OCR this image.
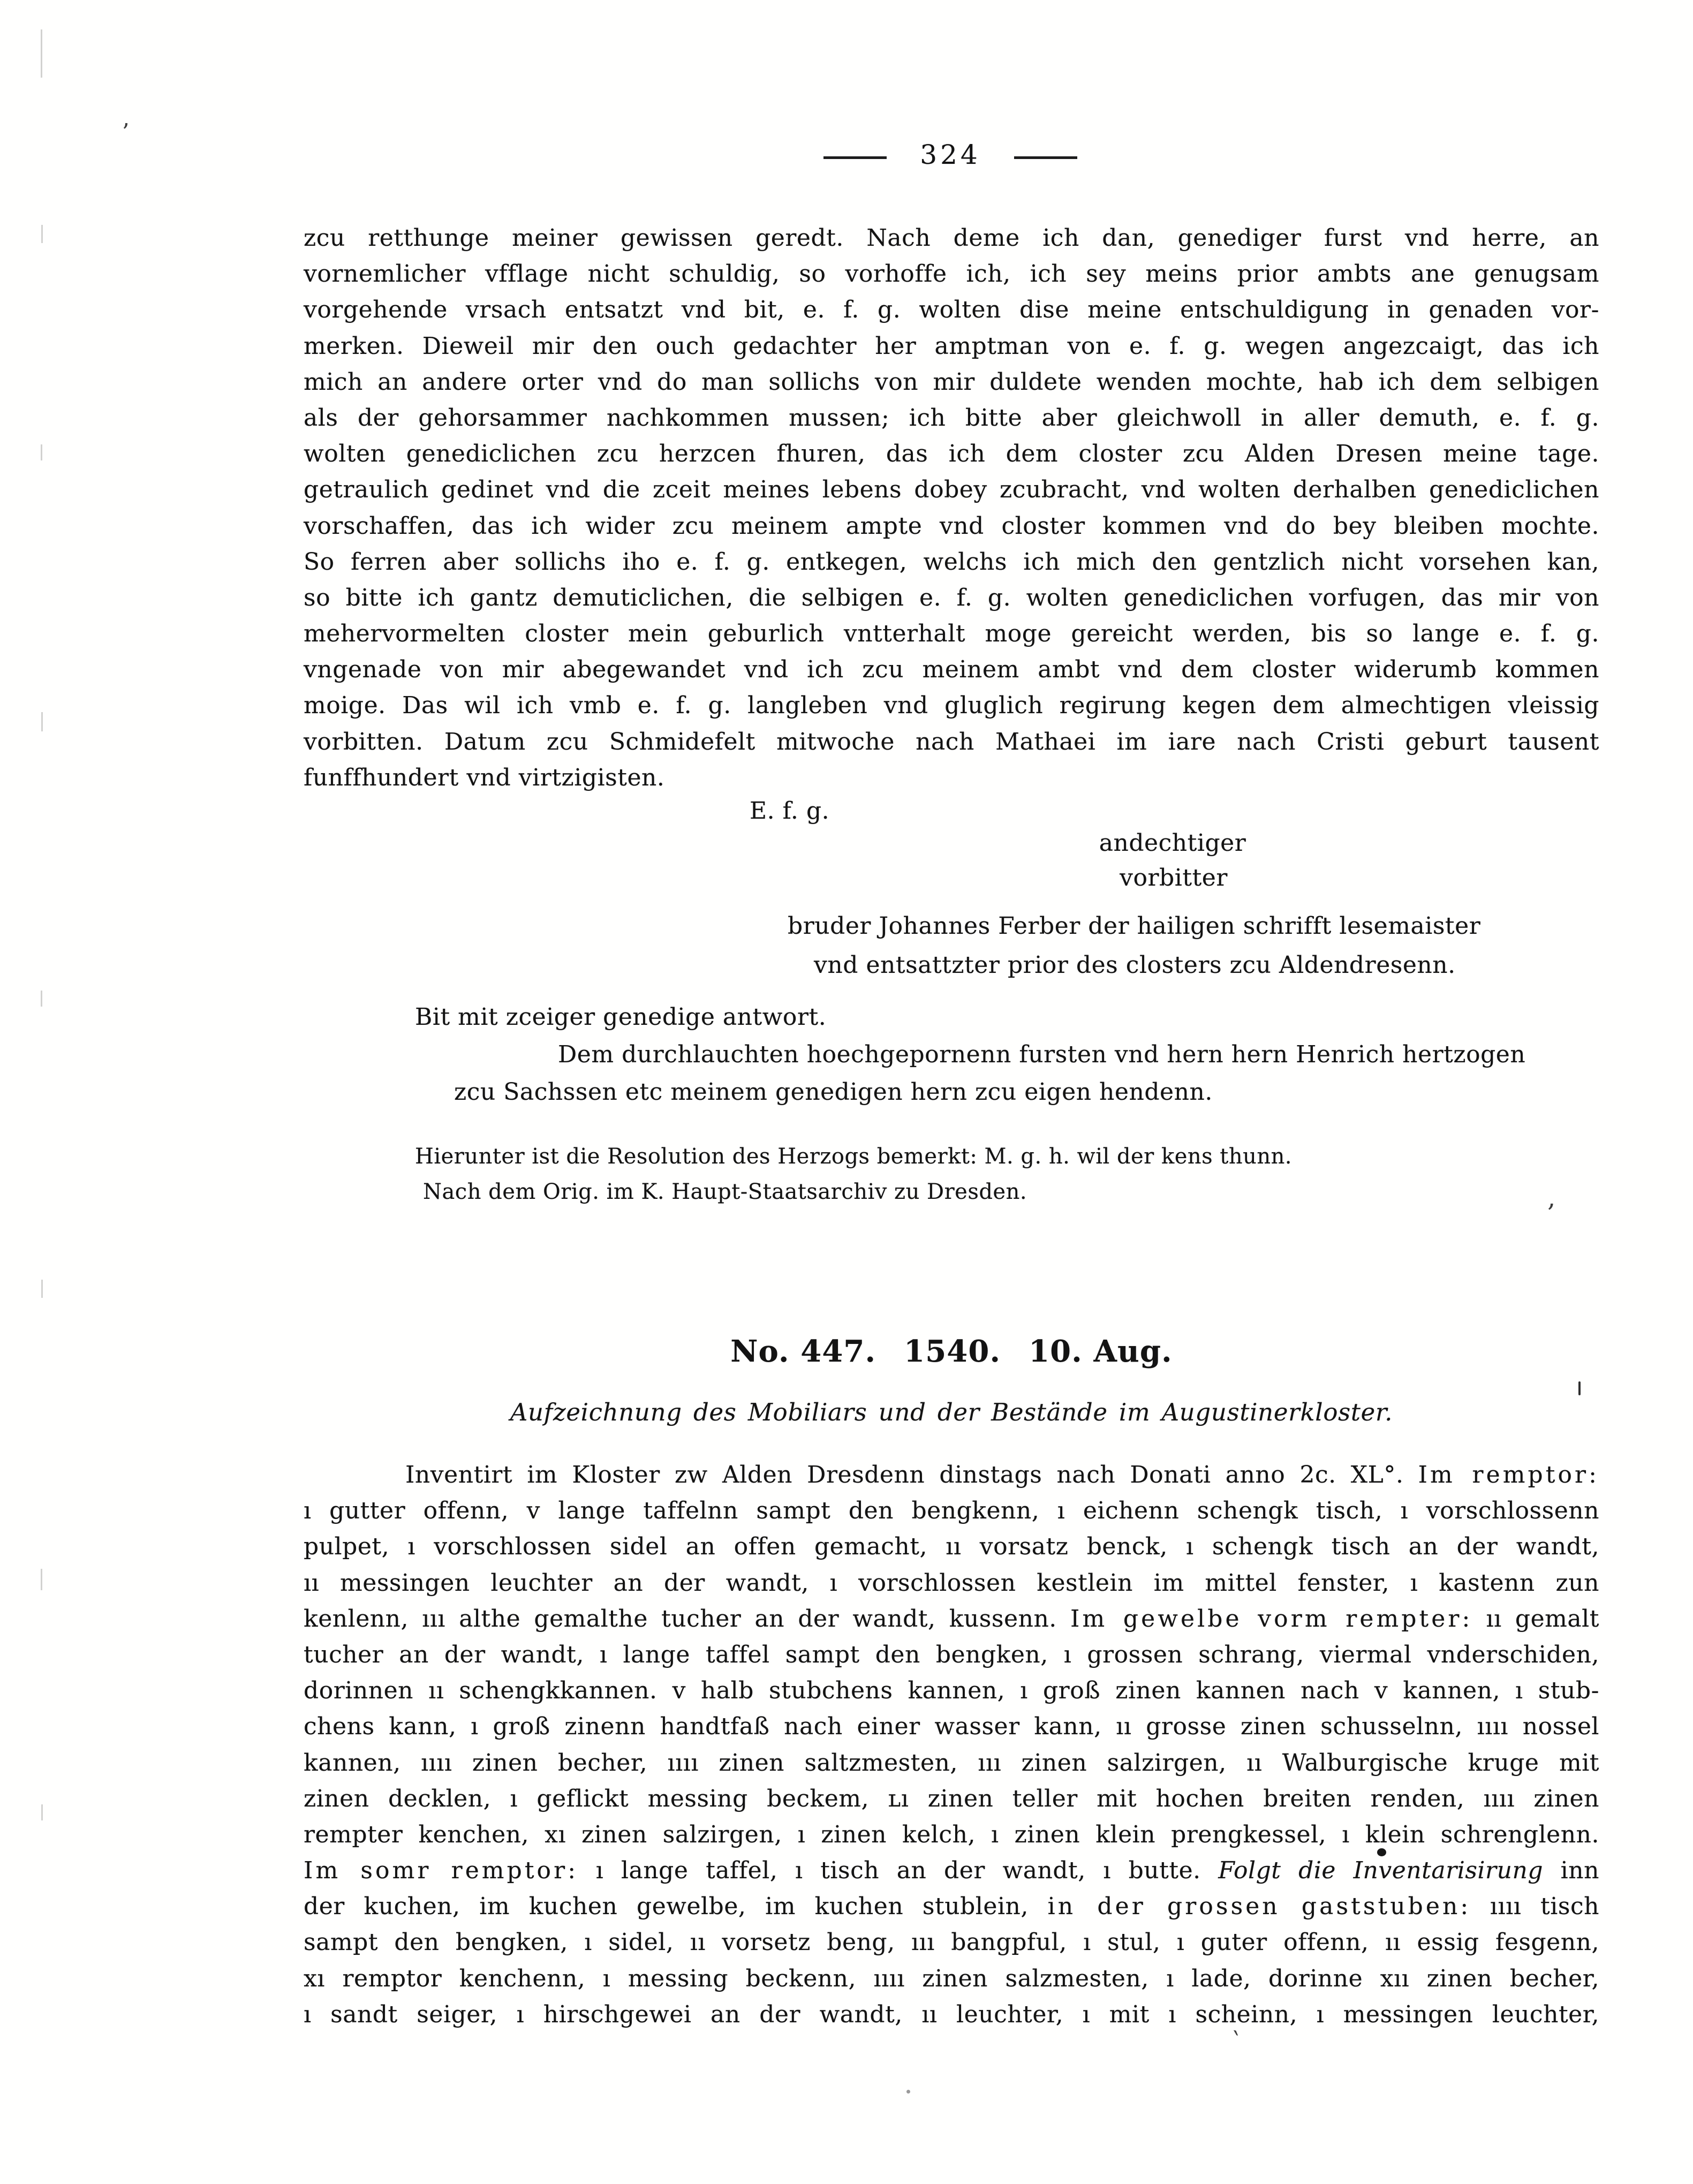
324
zcu retthunge meiner gewissen geredt. Nach deme ich dan, genediger furst vnd herre, an
vornemlicher vfflage nicht schuldig, so vorhoffe ich, ich sey meins prior ambts ane genugsam
vorgehende vrsach entsatzt vnd bit, e. f. g. wolten dise meine entschuldigung in genaden vor-
merken. Dieweil mir den ouch gedachter her amptman von e. f. g. wegen angezcaigt, das ich
mich an andere orter vnd do man sollichs von mir duldete wenden mochte, hab ich dem selbigen
als der gehorsammer nachkommen mussen; ich bitte aber gleichwoll in aller demuth, e. f. g.
wolten genediclichen zcu herzcen fhuren, das ich dem closter zcu Alden Dresen meine tage.
getraulich gedinet vnd die zceit meines lebens dobey zcubracht, vnd wolten derhalben genediclichen
vorschaffen, das ich wider zcu meinem ampte vnd closter kommen vnd do bey bleiben mochte.
So ferren aber sollichs iho e. f. g. entkegen, welchs ich mich den gentzlich nicht vorsehen kan,
so bitte ich gantz demuticlichen, die selbigen e. f. g. wolten genediclichen vorfugen, das mir von
mehervormelten closter mein geburlich vntterhalt moge gereicht werden, bis so lange e. f. g.
vngenade von mir abegewandet vnd ich zcu meinem ambt vnd dem closter widerumb kommen
moige. Das wil ich vmb e. f. g. langleben vnd gluglich regirung kegen dem almechtigen vleissig
vorbitten. Datum zcu Schmidefelt mitwoche nach Mathaei im iare nach Cristi geburt tausent
funffhundert vnd virtzigisten.
E. f. g.
andechtiger
vorbitter
bruder Johannes Ferber der hailigen schrifft lesemaister
vnd entsattzter prior des closters zcu Aldendresenn.
Bit mit zceiger genedige antwort.
Dem durchlauchten hoechgepornenn fursten vnd hern hern Henrich hertzogen
zcu Sachssen etc meinem genedigen hern zcu eigen hendenn.
Hierunter ist die Resolution des Herzogs bemerkt: M. g. h. wil der kens thunn.
Nach dem Orig. im K. Haupt-Staatsarchiv zu Dresden.
No. 447. 1540. 10. Aug.
Aufzeichnung des Mobiliars und der Bestände im Augustinerkloster.
Inventirt im Kloster zw Alden Dresdenn dinstags nach Donati anno 2c. XL°. Im remptor:
ı gutter offenn, v lange taffelnn sampt den bengkenn, ı eichenn schengk tisch, ı vorschlossenn
pulpet, ı vorschlossen sidel an offen gemacht, ıı vorsatz benck, ı schengk tisch an der wandt,
ıı messingen leuchter an der wandt, ı vorschlossen kestlein im mittel fenster, ı kastenn zun
kenlenn, ııı althe gemalthe tucher an der wandt, kussenn. Im gewelbe vorm rempter: ıı gemalt
tucher an der wandt, ı lange taffel sampt den bengken, ı grossen schrang, viermal vnderschiden,
dorinnen ıı schengkkannen. v halb stubchens kannen, ı groß zinen kannen nach v kannen, ı stub-
chens kann, ı groß zinenn handtfaß nach einer wasser kann, ıı grosse zinen schusselnn, ıııı nossel
kannen, ıııı zinen becher, ıııı zinen saltzmesten, ııı zinen salzirgen, ıı Walburgische kruge mit
zinen decklen, ı geflickt messing beckem, ʟı zinen teller mit hochen breiten renden, ıııı zinen
rempter kenchen, xı zinen salzirgen, ı zinen kelch, ı zinen klein prengkessel, ı klein schrenglenn.
Im somr remptor: ı lange taffel, ı tisch an der wandt, ı butte. Folgt die Inventarisirung inn
der kuchen, im kuchen gewelbe, im kuchen stublein, in der grossen gaststuben: ıııı tisch
sampt den bengken, ı sidel, ıı vorsetz beng, ııı bangpful, ı stul, ı guter offenn, ıı essig fesgenn,
xı remptor kenchenn, ı messing beckenn, ıııı zinen salzmesten, ı lade, dorinne xıı zinen becher,
ı sandt seiger, ı hirschgewei an der wandt, ıı leuchter, ı mit ı scheinn, ı messingen leuchter,
’
‚
`
